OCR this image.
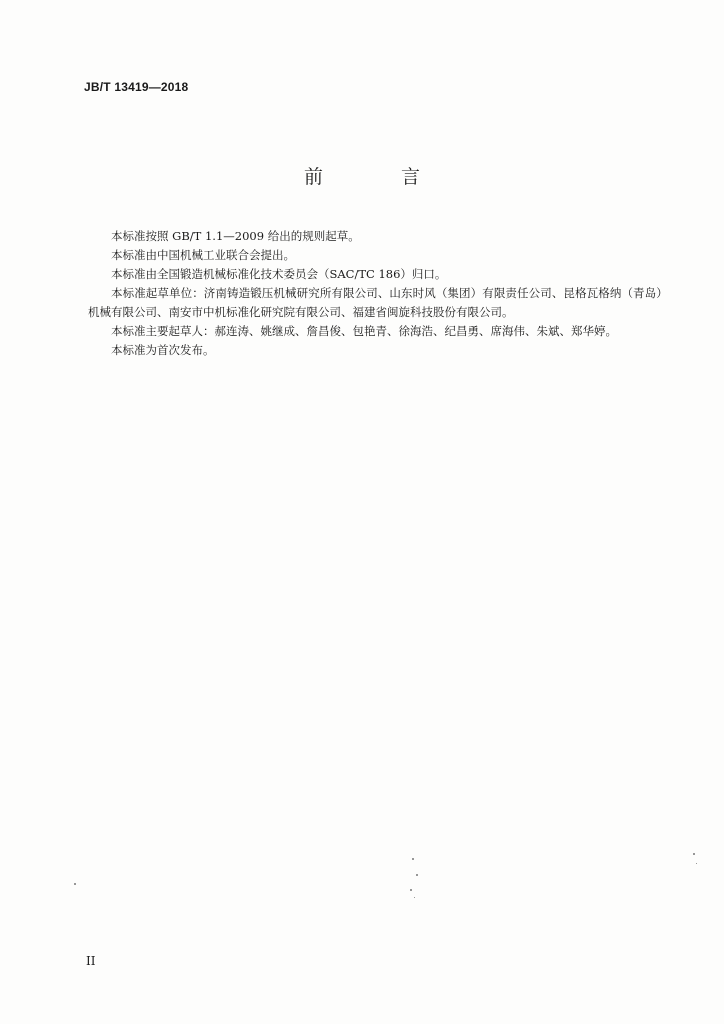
JB/T 13419—2018
前 言

本标准按照 GB/T 1.1—2009 给出的规则起草。

本标准由中国机械工业联合会提出。

本标准由全国锻造机械标准化技术委员会（SAC/TC 186）归口。

本标准起草单位：济南铸造锻压机械研究所有限公司、山东时风（集团）有限责任公司、昆格瓦格纳（青岛）机械有限公司、南安市中机标准化研究院有限公司、福建省闽旋科技股份有限公司。

本标准主要起草人：郝连涛、姚继成、詹昌俊、包艳青、徐海浩、纪昌勇、席海伟、朱斌、郑华婷。

本标准为首次发布。

II
